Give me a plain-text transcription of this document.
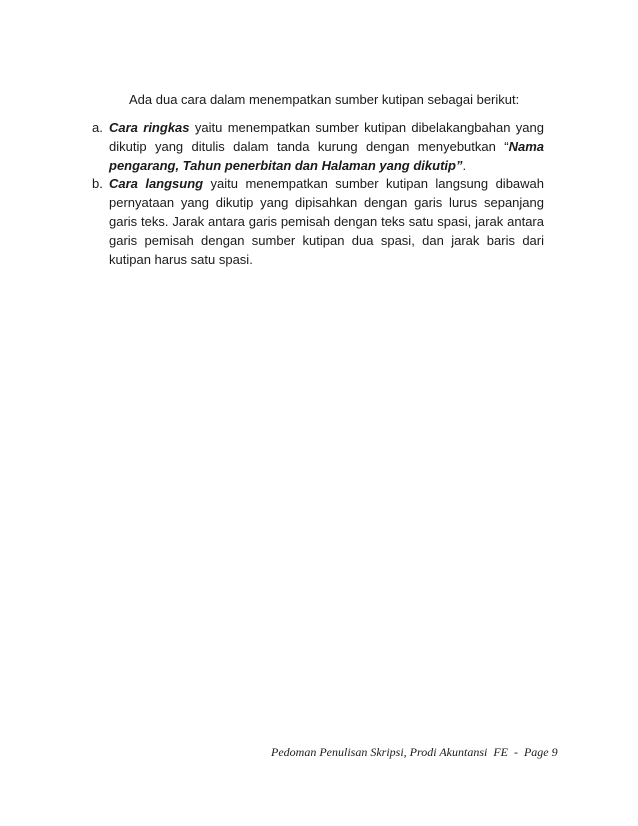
Ada dua cara dalam menempatkan sumber kutipan sebagai berikut:
a. Cara ringkas yaitu menempatkan sumber kutipan dibelakangbahan yang dikutip yang ditulis dalam tanda kurung dengan menyebutkan “Nama pengarang, Tahun penerbitan dan Halaman yang dikutip”.
b. Cara langsung yaitu menempatkan sumber kutipan langsung dibawah pernyataan yang dikutip yang dipisahkan dengan garis lurus sepanjang garis teks. Jarak antara garis pemisah dengan teks satu spasi, jarak antara garis pemisah dengan sumber kutipan dua spasi, dan jarak baris dari kutipan harus satu spasi.
Pedoman Penulisan Skripsi, Prodi Akuntansi  FE  -  Page 9
